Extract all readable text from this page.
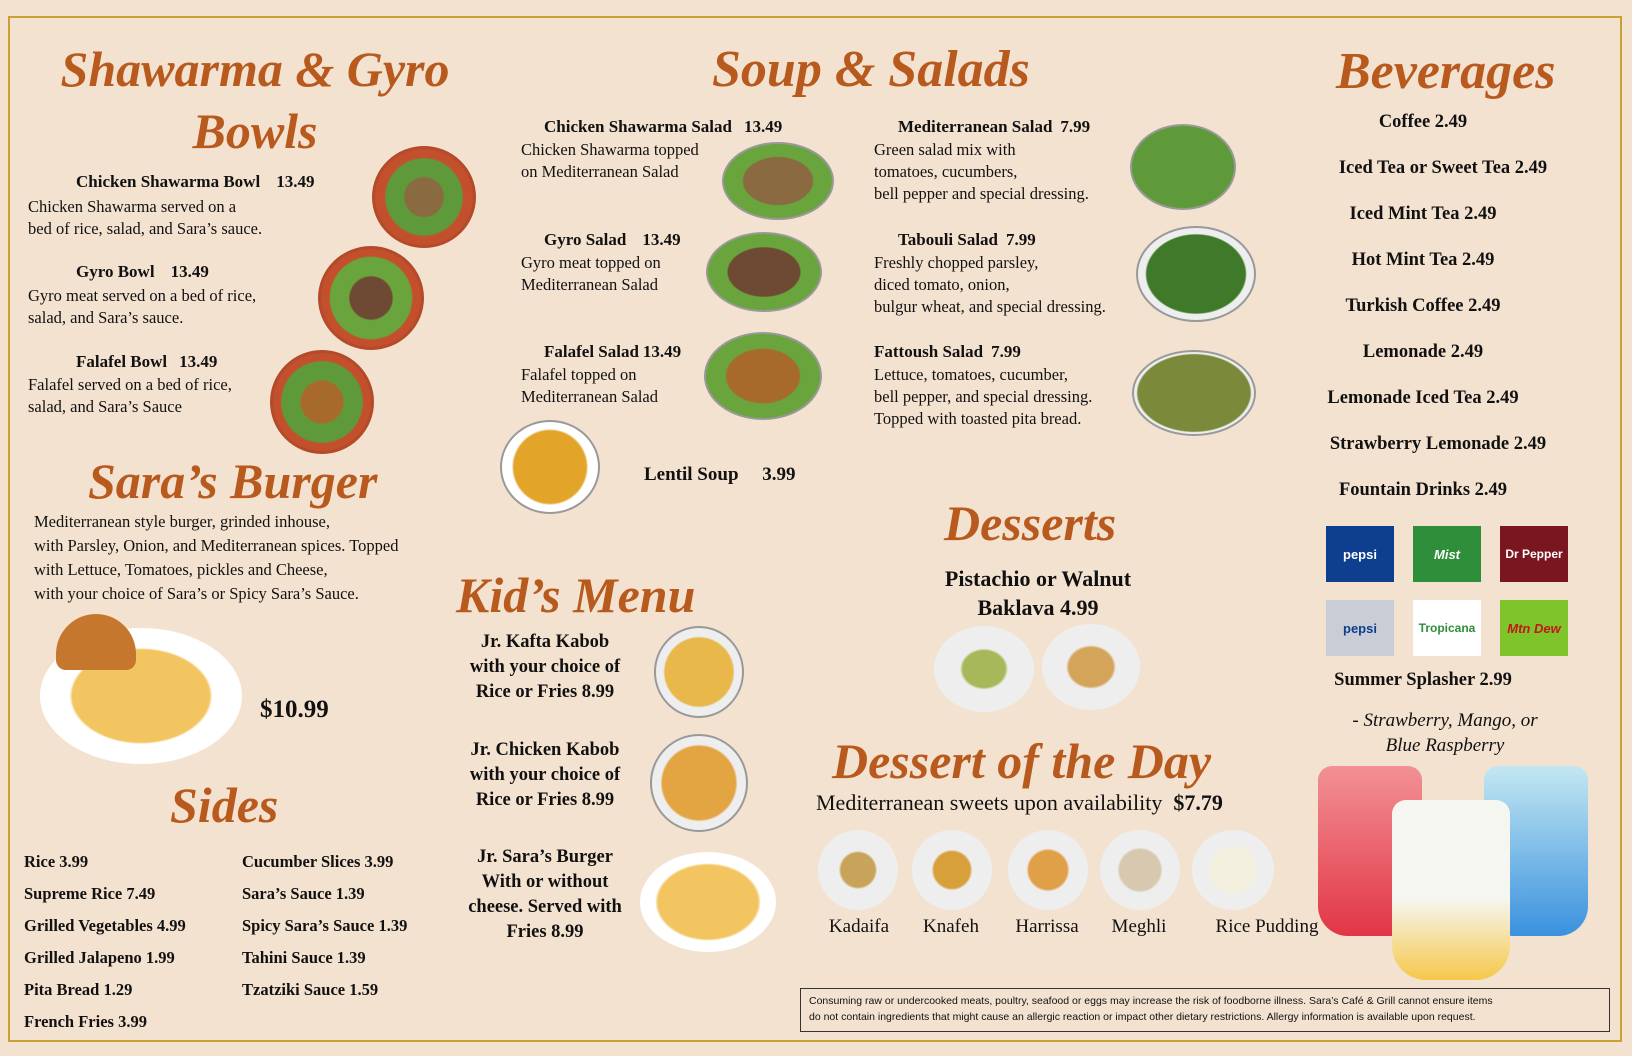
Shawarma & Gyro
Bowls
Chicken Shawarma Bowl 13.49
Chicken Shawarma served on a
bed of rice, salad, and Sara’s sauce.
Gyro Bowl 13.49
Gyro meat served on a bed of rice,
salad, and Sara’s sauce.
Falafel Bowl 13.49
Falafel served on a bed of rice,
salad, and Sara’s Sauce
Sara’s Burger
Mediterranean style burger, grinded inhouse,
with Parsley, Onion, and Mediterranean spices. Topped
with Lettuce, Tomatoes, pickles and Cheese,
with your choice of Sara’s or Spicy Sara’s Sauce.
$10.99
Sides
Rice 3.99
Supreme Rice 7.49
Grilled Vegetables 4.99
Grilled Jalapeno 1.99
Pita Bread 1.29
French Fries 3.99
Cucumber Slices 3.99
Sara’s Sauce 1.39
Spicy Sara’s Sauce 1.39
Tahini Sauce 1.39
Tzatziki Sauce 1.59
Soup & Salads
Chicken Shawarma Salad 13.49
Chicken Shawarma topped
on Mediterranean Salad
Gyro Salad 13.49
Gyro meat topped on
Mediterranean Salad
Falafel Salad 13.49
Falafel topped on
Mediterranean Salad
Lentil Soup 3.99
Mediterranean Salad 7.99
Green salad mix with
tomatoes, cucumbers,
bell pepper and special dressing.
Tabouli Salad 7.99
Freshly chopped parsley,
diced tomato, onion,
bulgur wheat, and special dressing.
Fattoush Salad 7.99
Lettuce, tomatoes, cucumber,
bell pepper, and special dressing.
Topped with toasted pita bread.
Kid’s Menu
Jr. Kafta Kabob
with your choice of
Rice or Fries 8.99
Jr. Chicken Kabob
with your choice of
Rice or Fries 8.99
Jr. Sara’s Burger
With or without
cheese. Served with
Fries 8.99
Desserts
Pistachio or Walnut
Baklava 4.99
Dessert of the Day
Mediterranean sweets upon availability $7.79
Kadaifa	Knafeh	Harrissa	Meghli	Rice Pudding
Beverages
Coffee 2.49
Iced Tea or Sweet Tea 2.49
Iced Mint Tea 2.49
Hot Mint Tea 2.49
Turkish Coffee 2.49
Lemonade 2.49
Lemonade Iced Tea 2.49
Strawberry Lemonade 2.49
Fountain Drinks 2.49
pepsi	Mist	Dr Pepper
pepsi	Tropicana	Mtn Dew
Summer Splasher 2.99
- Strawberry, Mango, or
Blue Raspberry
Consuming raw or undercooked meats, poultry, seafood or eggs may increase the risk of foodborne illness. Sara’s Café & Grill cannot ensure items
do not contain ingredients that might cause an allergic reaction or impact other dietary restrictions. Allergy information is available upon request.
